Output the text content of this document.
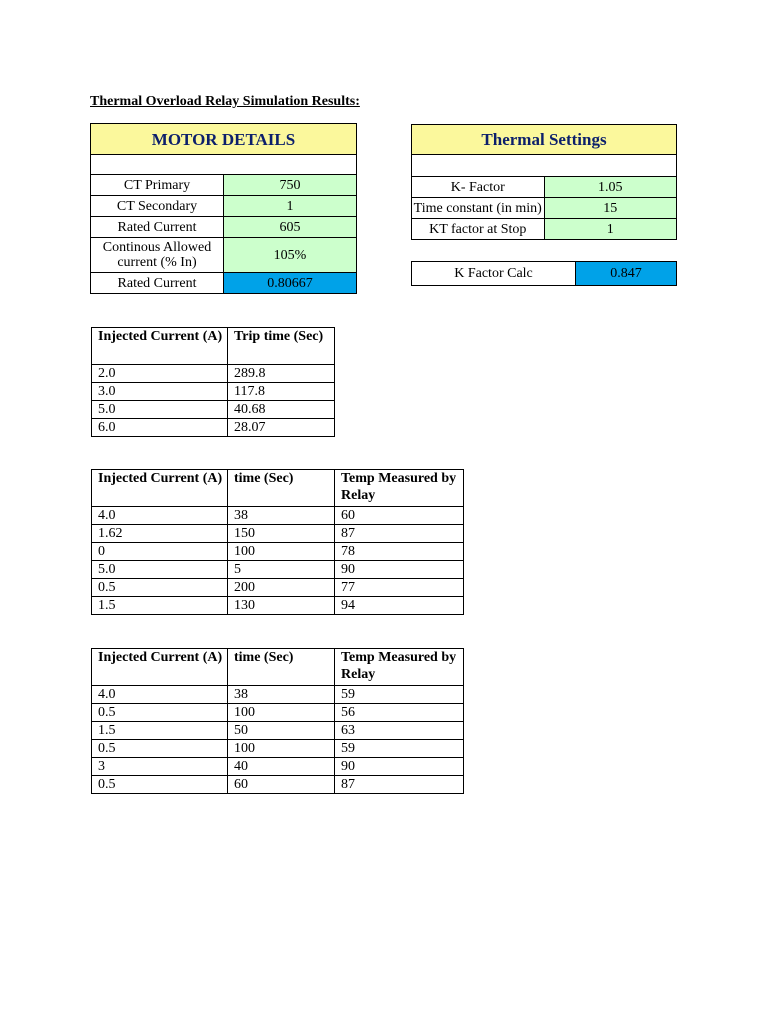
Thermal Overload Relay Simulation Results:
MOTOR DETAILS	

CT Primary	750
CT Secondary	1
Rated Current	605
Continous Allowed current (% In)	105%
Rated Current	0.80667
Thermal Settings	

K- Factor	1.05
Time constant (in min)	15
KT factor at Stop	1
K Factor Calc	0.847
Injected Current (A)	Trip time (Sec)
2.0	289.8
3.0	117.8
5.0	40.68
6.0	28.07
Injected Current (A)	time (Sec)	Temp Measured by Relay
4.0	38	60
1.62	150	87
0	100	78
5.0	5	90
0.5	200	77
1.5	130	94
Injected Current (A)	time (Sec)	Temp Measured by Relay
4.0	38	59
0.5	100	56
1.5	50	63
0.5	100	59
3	40	90
0.5	60	87
